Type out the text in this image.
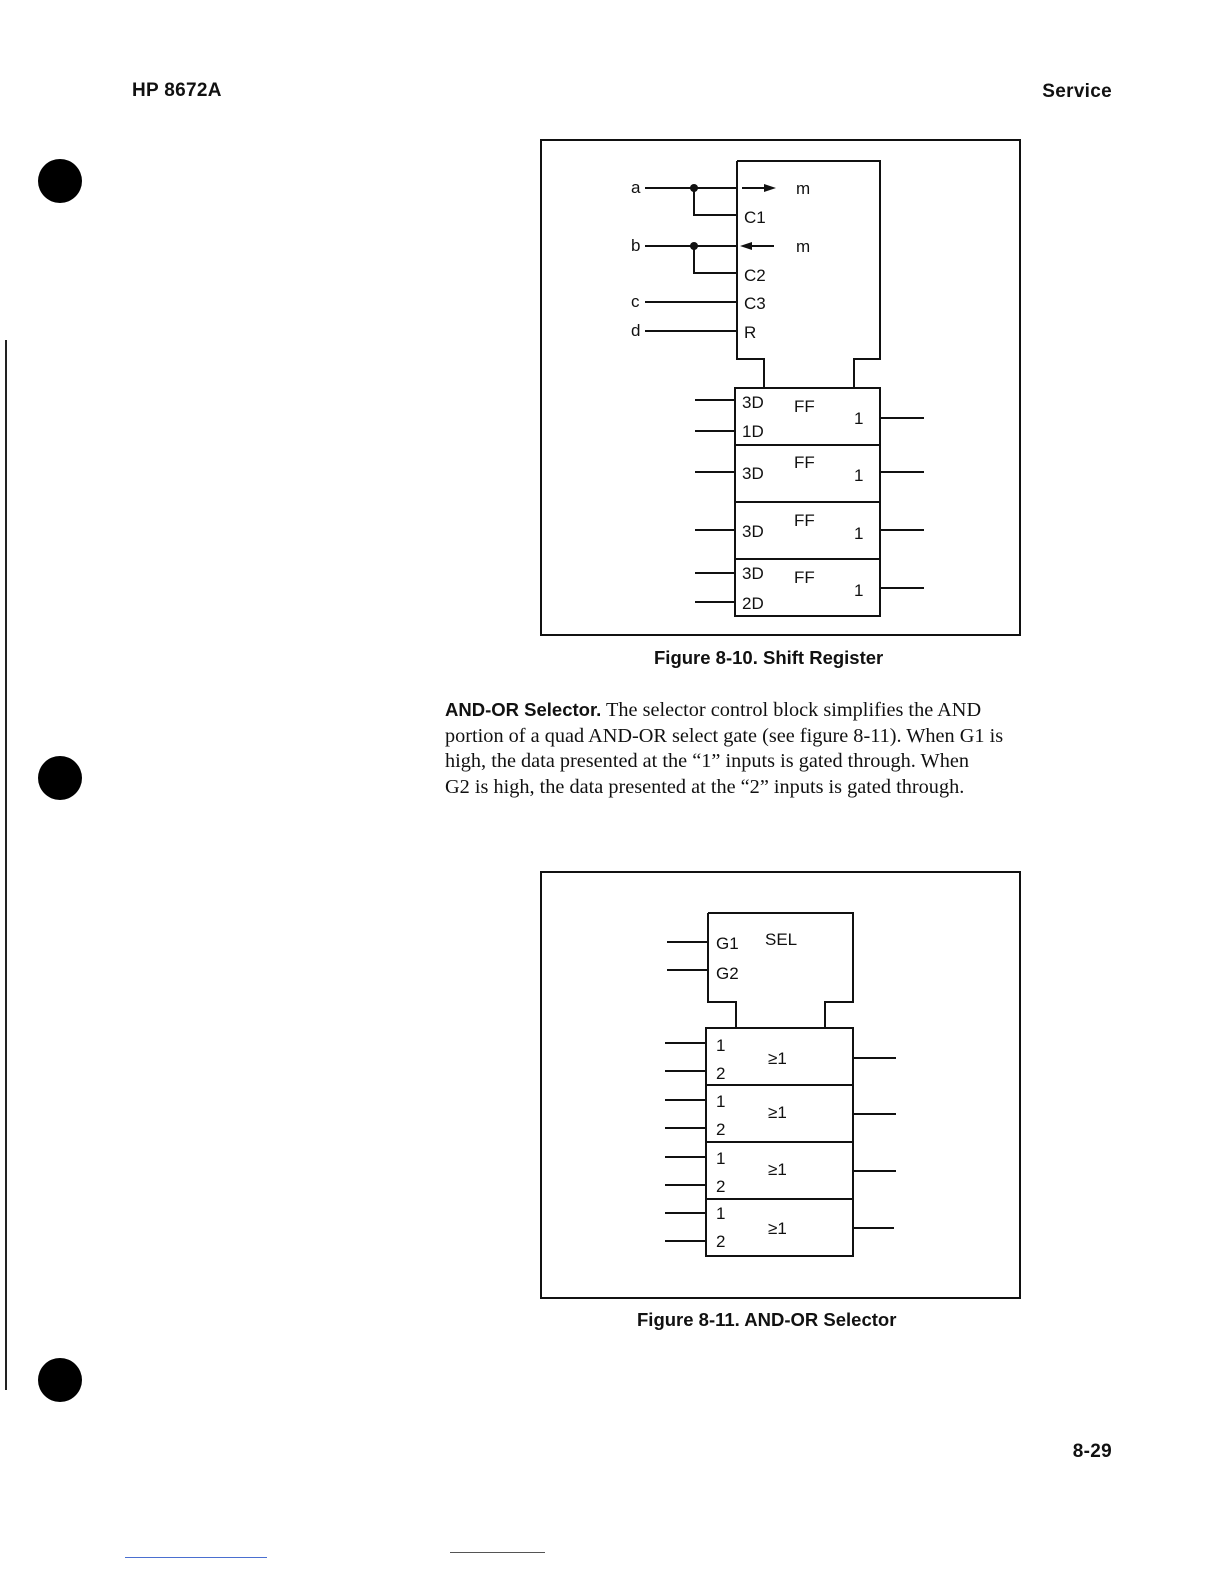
HP 8672A	Service
a
b
c
d
C1
C2
C3
R
m
m
3D
1D
FF
1
3D
FF
1
3D
FF
1
3D
2D
FF
1
Figure 8-10. Shift Register
AND-OR Selector. The selector control block simplifies the AND
portion of a quad AND-OR select gate (see figure 8-11). When G1 is
high, the data presented at the “1” inputs is gated through. When
G2 is high, the data presented at the “2” inputs is gated through.
G1
G2
SEL
1
2
≥1
1
2
≥1
1
2
≥1
1
2
≥1
Figure 8-11. AND-OR Selector
8-29
